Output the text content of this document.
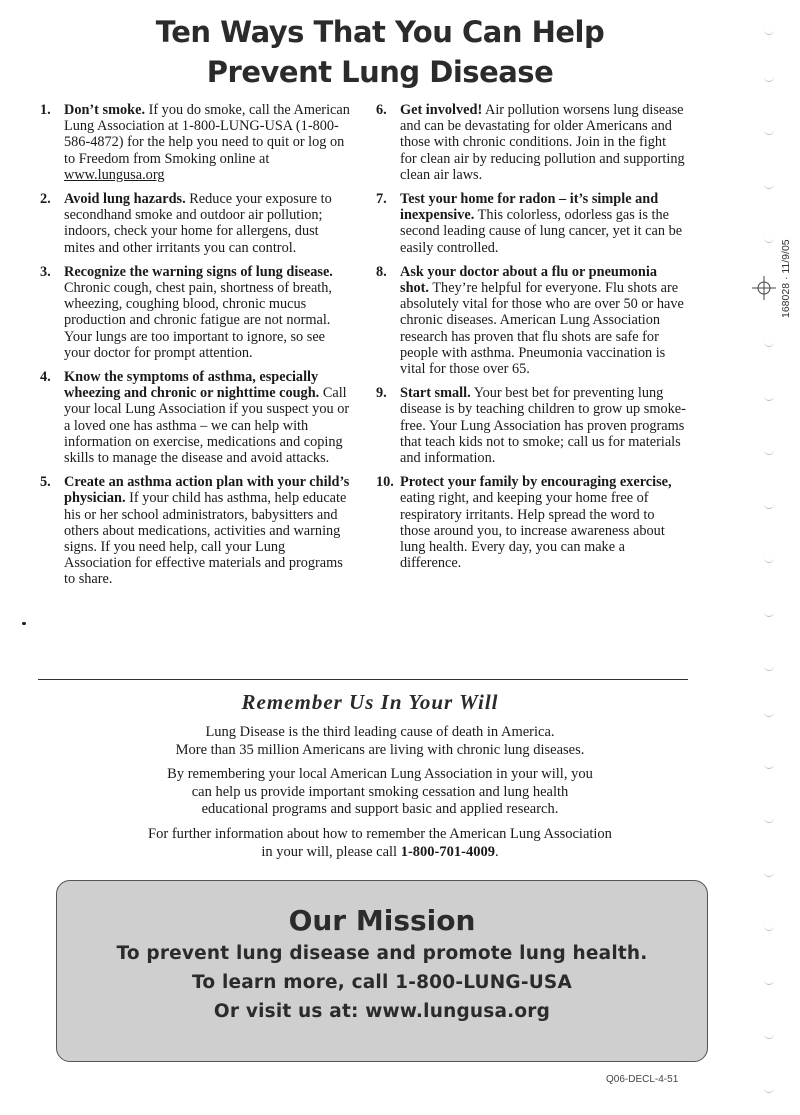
Ten Ways That You Can Help
Prevent Lung Disease
1. Don’t smoke. If you do smoke, call the American Lung Association at 1-800-LUNG-USA (1-800-586-4872) for the help you need to quit or log on to Freedom from Smoking online at www.lungusa.org
2. Avoid lung hazards. Reduce your exposure to secondhand smoke and outdoor air pollution; indoors, check your home for allergens, dust mites and other irritants you can control.
3. Recognize the warning signs of lung disease. Chronic cough, chest pain, shortness of breath, wheezing, coughing blood, chronic mucus production and chronic fatigue are not normal. Your lungs are too important to ignore, so see your doctor for prompt attention.
4. Know the symptoms of asthma, especially wheezing and chronic or nighttime cough. Call your local Lung Association if you suspect you or a loved one has asthma – we can help with information on exercise, medications and coping skills to manage the disease and avoid attacks.
5. Create an asthma action plan with your child’s physician. If your child has asthma, help educate his or her school administrators, babysitters and others about medications, activities and warning signs. If you need help, call your Lung Association for effective materials and programs to share.
6. Get involved! Air pollution worsens lung disease and can be devastating for older Americans and those with chronic conditions. Join in the fight for clean air by reducing pollution and supporting clean air laws.
7. Test your home for radon – it’s simple and inexpensive. This colorless, odorless gas is the second leading cause of lung cancer, yet it can be easily controlled.
8. Ask your doctor about a flu or pneumonia shot. They’re helpful for everyone. Flu shots are absolutely vital for those who are over 50 or have chronic diseases. American Lung Association research has proven that flu shots are safe for people with asthma. Pneumonia vaccination is vital for those over 65.
9. Start small. Your best bet for preventing lung disease is by teaching children to grow up smoke-free. Your Lung Association has proven programs that teach kids not to smoke; call us for materials and information.
10. Protect your family by encouraging exercise, eating right, and keeping your home free of respiratory irritants. Help spread the word to those around you, to increase awareness about lung health. Every day, you can make a difference.
Remember Us In Your Will
Lung Disease is the third leading cause of death in America.
More than 35 million Americans are living with chronic lung diseases.
By remembering your local American Lung Association in your will, you
can help us provide important smoking cessation and lung health
educational programs and support basic and applied research.
For further information about how to remember the American Lung Association
in your will, please call 1-800-701-4009.
Our Mission
To prevent lung disease and promote lung health.
To learn more, call 1-800-LUNG-USA
Or visit us at: www.lungusa.org
Q06-DECL-4-51
168028 · 11/9/05
